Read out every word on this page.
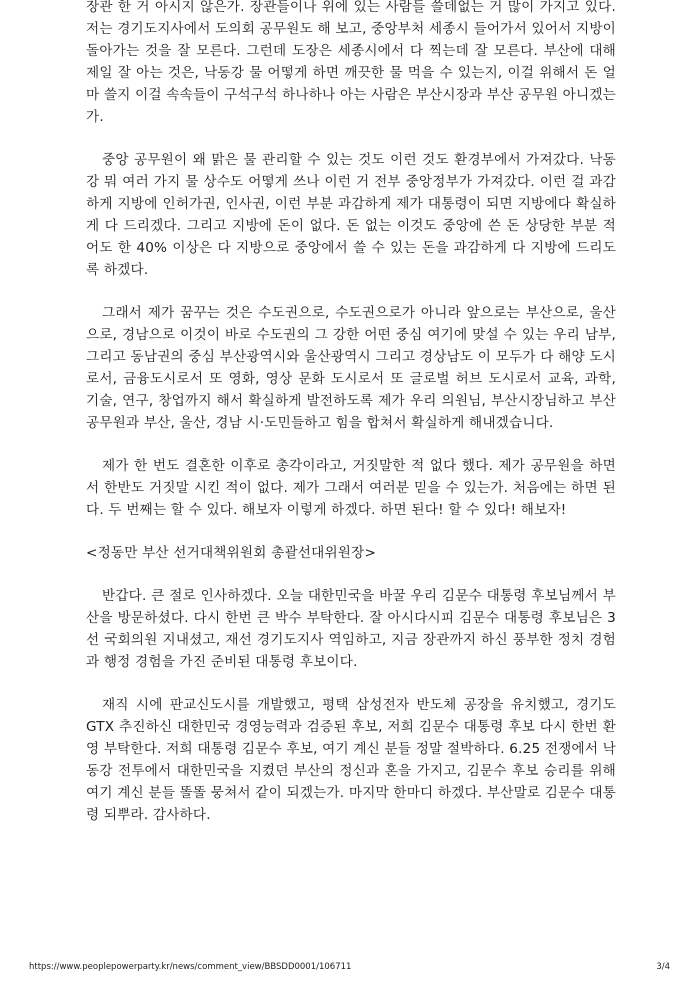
장관 한 거 아시지 않은가. 장관들이나 위에 있는 사람들 쓸데없는 거 많이 가지고 있다. 저는 경기도지사에서 도의회 공무원도 해 보고, 중앙부처 세종시 들어가서 있어서 지방이 돌아가는 것을 잘 모른다. 그런데 도장은 세종시에서 다 찍는데 잘 모른다. 부산에 대해 제일 잘 아는 것은, 낙동강 물 어떻게 하면 깨끗한 물 먹을 수 있는지, 이걸 위해서 돈 얼마 쓸지 이걸 속속들이 구석구석 하나하나 아는 사람은 부산시장과 부산 공무원 아니겠는가.

중앙 공무원이 왜 맑은 물 관리할 수 있는 것도 이런 것도 환경부에서 가져갔다. 낙동강 뭐 여러 가지 물 상수도 어떻게 쓰나 이런 거 전부 중앙정부가 가져갔다. 이런 걸 과감하게 지방에 인허가권, 인사권, 이런 부분 과감하게 제가 대통령이 되면 지방에다 확실하게 다 드리겠다. 그리고 지방에 돈이 없다. 돈 없는 이것도 중앙에 쓴 돈 상당한 부분 적어도 한 40% 이상은 다 지방으로 중앙에서 쓸 수 있는 돈을 과감하게 다 지방에 드리도록 하겠다.

그래서 제가 꿈꾸는 것은 수도권으로, 수도권으로가 아니라 앞으로는 부산으로, 울산으로, 경남으로 이것이 바로 수도권의 그 강한 어떤 중심 여기에 맞설 수 있는 우리 남부, 그리고 동남권의 중심 부산광역시와 울산광역시 그리고 경상남도 이 모두가 다 해양 도시로서, 금융도시로서 또 영화, 영상 문화 도시로서 또 글로벌 허브 도시로서 교육, 과학, 기술, 연구, 창업까지 해서 확실하게 발전하도록 제가 우리 의원님, 부산시장님하고 부산 공무원과 부산, 울산, 경남 시·도민들하고 힘을 합쳐서 확실하게 해내겠습니다.

제가 한 번도 결혼한 이후로 총각이라고, 거짓말한 적 없다 했다. 제가 공무원을 하면서 한반도 거짓말 시킨 적이 없다. 제가 그래서 여러분 믿을 수 있는가. 처음에는 하면 된다. 두 번째는 할 수 있다. 해보자 이렇게 하겠다. 하면 된다! 할 수 있다! 해보자!

<정동만 부산 선거대책위원회 총괄선대위원장>

반갑다. 큰 절로 인사하겠다. 오늘 대한민국을 바꿀 우리 김문수 대통령 후보님께서 부산을 방문하셨다. 다시 한번 큰 박수 부탁한다. 잘 아시다시피 김문수 대통령 후보님은 3선 국회의원 지내셨고, 재선 경기도지사 역임하고, 지금 장관까지 하신 풍부한 정치 경험과 행정 경험을 가진 준비된 대통령 후보이다.

재직 시에 판교신도시를 개발했고, 평택 삼성전자 반도체 공장을 유치했고, 경기도 GTX 추진하신 대한민국 경영능력과 검증된 후보, 저희 김문수 대통령 후보 다시 한번 환영 부탁한다. 저희 대통령 김문수 후보, 여기 계신 분들 정말 절박하다. 6.25 전쟁에서 낙동강 전투에서 대한민국을 지켰던 부산의 정신과 혼을 가지고, 김문수 후보 승리를 위해 여기 계신 분들 똘똘 뭉쳐서 같이 되겠는가. 마지막 한마디 하겠다. 부산말로 김문수 대통령 되뿌라. 감사하다.

https://www.peoplepowerparty.kr/news/comment_view/BBSDD0001/106711	3/4
